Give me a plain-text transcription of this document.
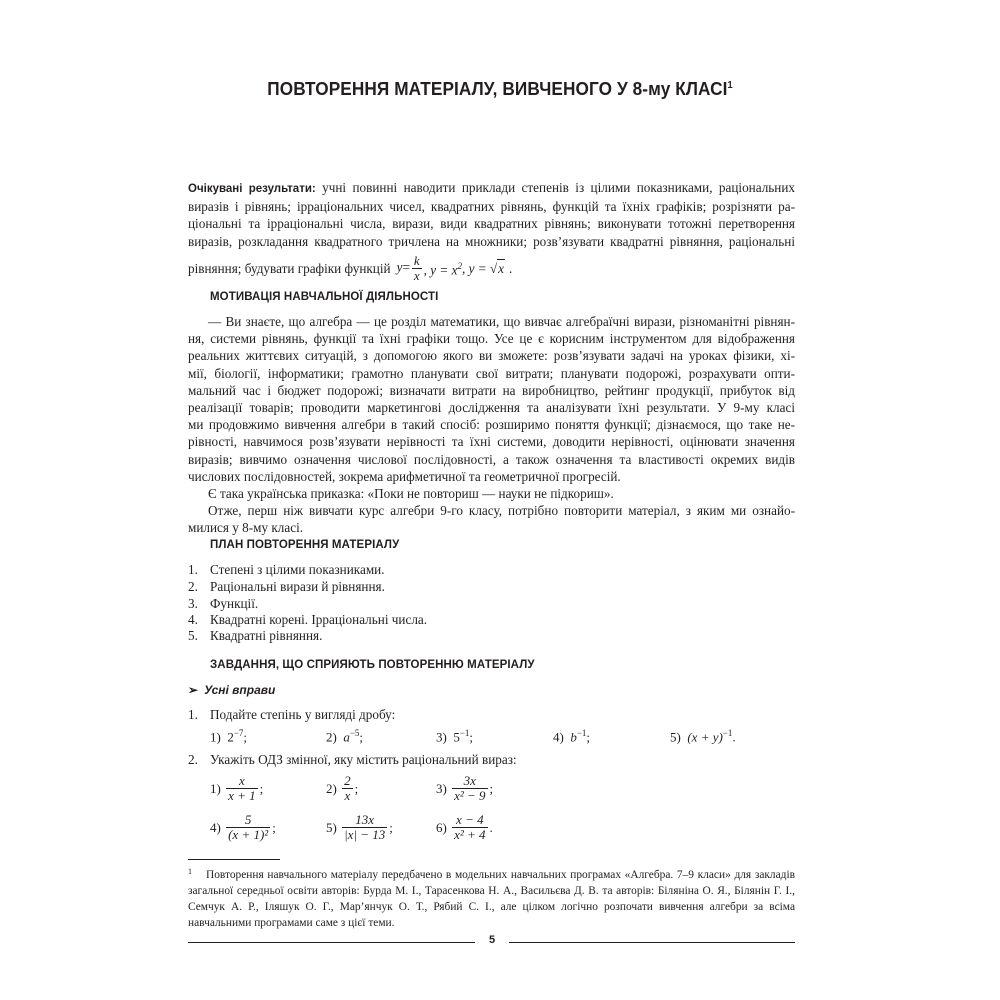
ПОВТОРЕННЯ МАТЕРІАЛУ, ВИВЧЕНОГО У 8-му КЛАСІ$^1$
Очікувані результати: учні повинні наводити приклади степенів із цілими показниками, раціональних
виразів і рівнянь; ірраціональних чисел, квадратних рівнянь, функцій та їхніх графіків; розрізняти ра-
ціональні та ірраціональні числа, вирази, види квадратних рівнянь; виконувати тотожні перетворення
виразів, розкладання квадратного тричлена на множники; розв’язувати квадратні рівняння, раціональні
рівняння; будувати графіки функцій $y= \frac{k}{x}$ , $y = x^2$ , y = √x .
МОТИВАЦІЯ НАВЧАЛЬНОЇ ДІЯЛЬНОСТІ
— Ви знаєте, що алгебра — це розділ математики, що вивчає алгебраїчні вирази, різноманітні рівнян-
ня, системи рівнянь, функції та їхні графіки тощо. Усе це є корисним інструментом для відображення
реальних життєвих ситуацій, з допомогою якого ви зможете: розв’язувати задачі на уроках фізики, хі-
мії, біології, інформатики; грамотно планувати свої витрати; планувати подорожі, розрахувати опти-
мальний час і бюджет подорожі; визначати витрати на виробництво, рейтинг продукції, прибуток від
реалізації товарів; проводити маркетингові дослідження та аналізувати їхні результати. У 9-му класі
ми продовжимо вивчення алгебри в такий спосіб: розширимо поняття функції; дізнаємося, що таке не-
рівності, навчимося розв’язувати нерівності та їхні системи, доводити нерівності, оцінювати значення
виразів; вивчимо означення числової послідовності, а також означення та властивості окремих видів
числових послідовностей, зокрема арифметичної та геометричної прогресій.
Є така українська приказка: «Поки не повториш — науки не підкориш».
Отже, перш ніж вивчати курс алгебри 9-го класу, потрібно повторити матеріал, з яким ми ознайо-
милися у 8-му класі.
ПЛАН ПОВТОРЕННЯ МАТЕРІАЛУ
1. Степені з цілими показниками.
2. Раціональні вирази й рівняння.
3. Функції.
4. Квадратні корені. Ірраціональні числа.
5. Квадратні рівняння.
ЗАВДАННЯ, ЩО СПРИЯЮТЬ ПОВТОРЕННЮ МАТЕРІАЛУ
➢ Усні вправи
1. Подайте степінь у вигляді дробу:
1) $2^{-7}$;	2) $a^{-5}$;	3) $5^{-1}$;	4) $b^{-1}$;	5) $(x + y)^{-1}$.
2. Укажіть ОДЗ змінної, яку містить раціональний вираз:
1)
$\frac{x}{x + 1}$ ;	2)
$\frac{2}{x}$ ;	3)
$\frac{3x}{\text{x² − 9}}$ ;
4)
$\frac{5}{\text{(x + 1)²}}$ ;	5)
$\frac{13x}{|x| - 13}$ ;	6)
$\frac{x - 4}{\text{x² + 4}}$ .
$^1$ Повторення навчального матеріалу передбачено в модельних навчальних програмах «Алгебра. 7–9 класи» для закладів загальної середньої освіти авторів: Бурда М. І., Тарасенкова Н. А., Васильєва Д. В. та авторів: Біляніна О. Я., Білянін Г. І., Семчук А. Р., Іляшук О. Г., Мар’янчук О. Т., Рябий С. І., але цілком логічно розпочати вивчення алгебри за всіма навчальними програмами саме з цієї теми.
5
